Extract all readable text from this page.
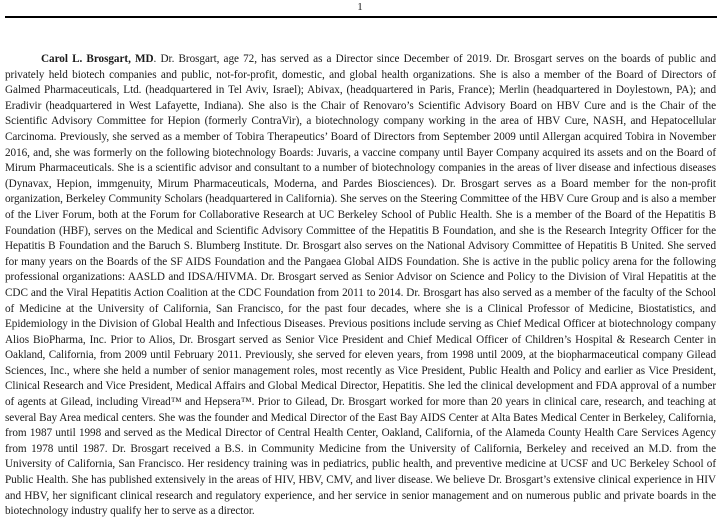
1

Carol L. Brosgart, MD. Dr. Brosgart, age 72, has served as a Director since December of 2019. Dr. Brosgart serves on the boards of public and privately held biotech companies and public, not-for-profit, domestic, and global health organizations. She is also a member of the Board of Directors of Galmed Pharmaceuticals, Ltd. (headquartered in Tel Aviv, Israel); Abivax, (headquartered in Paris, France); Merlin (headquartered in Doylestown, PA); and Eradivir (headquartered in West Lafayette, Indiana). She also is the Chair of Renovaro’s Scientific Advisory Board on HBV Cure and is the Chair of the Scientific Advisory Committee for Hepion (formerly ContraVir), a biotechnology company working in the area of HBV Cure, NASH, and Hepatocellular Carcinoma. Previously, she served as a member of Tobira Therapeutics’ Board of Directors from September 2009 until Allergan acquired Tobira in November 2016, and, she was formerly on the following biotechnology Boards: Juvaris, a vaccine company until Bayer Company acquired its assets and on the Board of Mirum Pharmaceuticals. She is a scientific advisor and consultant to a number of biotechnology companies in the areas of liver disease and infectious diseases (Dynavax, Hepion, immgenuity, Mirum Pharmaceuticals, Moderna, and Pardes Biosciences). Dr. Brosgart serves as a Board member for the non-profit organization, Berkeley Community Scholars (headquartered in California). She serves on the Steering Committee of the HBV Cure Group and is also a member of the Liver Forum, both at the Forum for Collaborative Research at UC Berkeley School of Public Health. She is a member of the Board of the Hepatitis B Foundation (HBF), serves on the Medical and Scientific Advisory Committee of the Hepatitis B Foundation, and she is the Research Integrity Officer for the Hepatitis B Foundation and the Baruch S. Blumberg Institute. Dr. Brosgart also serves on the National Advisory Committee of Hepatitis B United. She served for many years on the Boards of the SF AIDS Foundation and the Pangaea Global AIDS Foundation. She is active in the public policy arena for the following professional organizations: AASLD and IDSA/HIVMA. Dr. Brosgart served as Senior Advisor on Science and Policy to the Division of Viral Hepatitis at the CDC and the Viral Hepatitis Action Coalition at the CDC Foundation from 2011 to 2014. Dr. Brosgart has also served as a member of the faculty of the School of Medicine at the University of California, San Francisco, for the past four decades, where she is a Clinical Professor of Medicine, Biostatistics, and Epidemiology in the Division of Global Health and Infectious Diseases. Previous positions include serving as Chief Medical Officer at biotechnology company Alios BioPharma, Inc. Prior to Alios, Dr. Brosgart served as Senior Vice President and Chief Medical Officer of Children’s Hospital & Research Center in Oakland, California, from 2009 until February 2011. Previously, she served for eleven years, from 1998 until 2009, at the biopharmaceutical company Gilead Sciences, Inc., where she held a number of senior management roles, most recently as Vice President, Public Health and Policy and earlier as Vice President, Clinical Research and Vice President, Medical Affairs and Global Medical Director, Hepatitis. She led the clinical development and FDA approval of a number of agents at Gilead, including Viread™ and Hepsera™. Prior to Gilead, Dr. Brosgart worked for more than 20 years in clinical care, research, and teaching at several Bay Area medical centers. She was the founder and Medical Director of the East Bay AIDS Center at Alta Bates Medical Center in Berkeley, California, from 1987 until 1998 and served as the Medical Director of Central Health Center, Oakland, California, of the Alameda County Health Care Services Agency from 1978 until 1987. Dr. Brosgart received a B.S. in Community Medicine from the University of California, Berkeley and received an M.D. from the University of California, San Francisco. Her residency training was in pediatrics, public health, and preventive medicine at UCSF and UC Berkeley School of Public Health. She has published extensively in the areas of HIV, HBV, CMV, and liver disease. We believe Dr. Brosgart’s extensive clinical experience in HIV and HBV, her significant clinical research and regulatory experience, and her service in senior management and on numerous public and private boards in the biotechnology industry qualify her to serve as a director.
